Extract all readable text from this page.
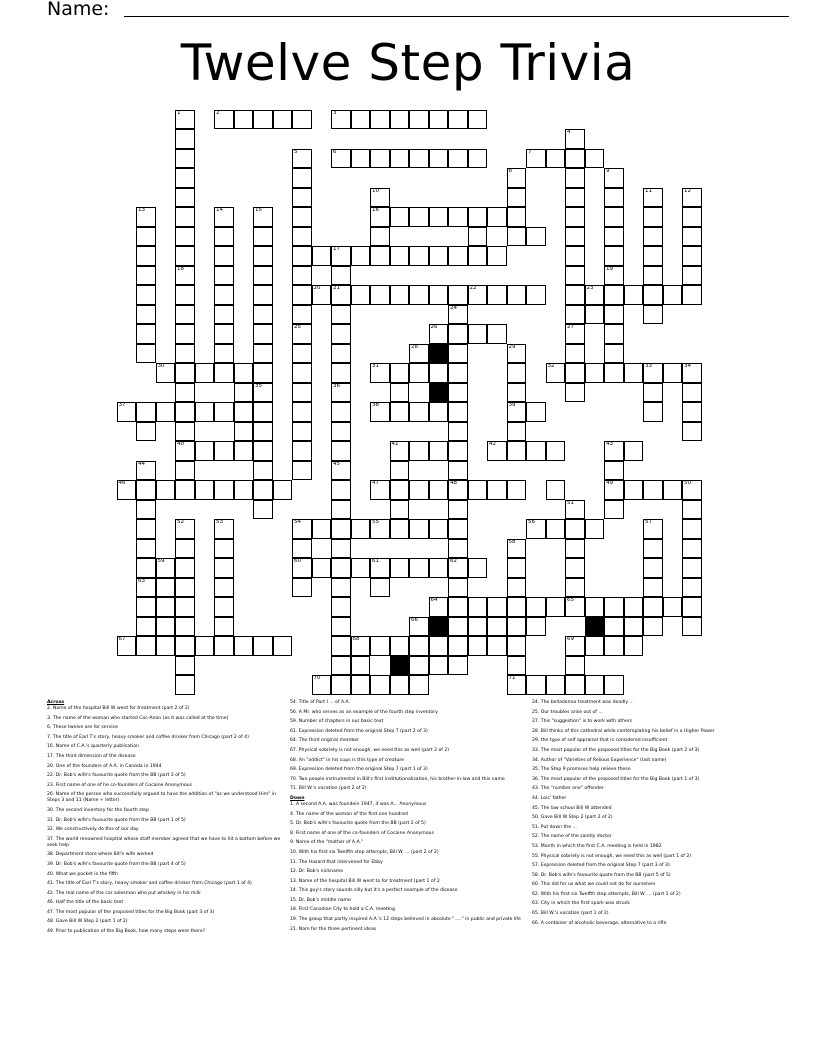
Name:
Twelve Step Trivia
2	3
6	7
16
17
20 21	22	23
26
28
30	31	32	33	34
37	38	39
40	41	42	43
46	47	48	49
54	55	56
60	61	62
64	65
66
67	68	69
70	71
1
18
4
27
5
25
8	9
19
10	11	12
13	14	15
36
24
29
35
45
44
63
50
51
52	53	57
58
59
Across
2. Name of the hospital Bill W went for treatment (part 2 of 2)
3. The name of the woman who started Coc-Anon (as it was called at the time)
6. These twelve are for service
7. The title of Earl T's story, heavy smoker and coffee drinker from Chicago (part 2 of 4)
16. Name of C.A.'s quarterly publication
17. The third dimension of the disease
20. One of the founders of A.A. in Canada in 1944
22. Dr. Bob's wife's favourite quote from the BB (part 3 of 5)
23. First name of one of he co-founders of Cocaine Anonymous
26. Name of the person who successfully argued to have the addition of "as we understood Him" in Steps 3 and 11 (Name + letter)
30. The second inventory for the fourth step
31. Dr. Bob's wife's favourite quote from the BB (part 1 of 5)
32. We constructively do this of our day
37. The world renowned hospital whose staff member agreed that we have to hit a bottom before we seek help
38. Department store where Bill's wife worked
39. Dr. Bob's wife's favourite quote from the BB (part 4 of 5)
40. What we pocket in the fifth
41. The title of Earl T's story, heavy smoker and coffee drinker from Chicago (part 1 of 4)
42. The real name of the car salesman who put whiskey in his milk
46. Half the title of the basic text
47. The most popular of the proposed titles for the Big Book (part 3 of 3)
48. Gave Bill W Step 2 (part 1 of 2)
49. Prior to publication of the Big Book, how many steps were there?
54. Title of Part I ... of A.A.
56. A Mr. who serves as an example of the fourth step inventory
59. Number of chapters in our basic text
61. Expression deleted from the original Step 7 (part 2 of 3)
64. The third original member
67. Physical sobriety is not enough, we need this as well (part 2 of 2)
68. An "addict" in his cups is this type of creature
69. Expression deleted from the original Step 7 (part 1 of 3)
70. Two people instrumental in Bill's first institutionalization, his brother-in-law and this name
71. Bill W.'s vocation (part 2 of 2)
Down
1. A second A.A. was foundein 1947, it was A... Anonymous
4. The name of the woman of the first one hundred
5. Dr. Bob's wife's favourite quote from the BB (part 2 of 5)
8. First name of one of the co-founders of Cocaine Anonymous
9. Name of the "mother of A.A."
10. With his first six Twelfth step attempts, Bill W. ... (part 2 of 2)
11. The Hazard that intervened for Ebby
12. Dr. Bob's nickname
13. Name of the hospital Bill W went to for treatment (part 1 of 2
14. This guy's story sounds silly but it's a perfect example of the disease
15. Dr. Bob's middle name
18. First Canadian City to hold a C.A. meeting
19. The group that partly inspired A.A.'s 12 steps believed in absolute "....." in public and private life
21. Nam for the three pertinent ideas
24. The belladonna treatment was deadly ...
25. Our troubles arise out of ...
27. This "suggestion" is to work with others
28. Bill thinks of this cathedral while contemplating his belief in a Higher Power
29. the type of self appraisal that is considered insufficient
33. The most popular of the proposed titles for the Big Book (part 2 of 3)
34. Author of "Varieties of Relious Experience" (last name)
35. The Step 9 promises help relieve these
36. The most popular of the proposed titles for the Big Book (part 1 of 3)
43. The "number one" offender
44. Lois' father
45. The law school Bill W attended
50. Gave Bill W Step 2 (part 2 of 2)
51. Put down the ...
52. The name of the saintly doctor
53. Month in which the first C.A. meeting is held in 1982
55. Physical sobriety is not enough, we need this as well (part 1 of 2)
57. Expression deleted from the original Step 7 (part 3 of 3)
58. Dr. Bob's wife's favourite quote from the BB (part 5 of 5)
60. This did for us what we could not do for ourselves
62. With his first six Twelfth step attempts, Bill W. ... (part 1 of 2)
63. City in which the first spark was struck
65. Bill W.'s vocation (part 1 of 2)
66. A container of alcoholic beverage, alternative to a rifle
